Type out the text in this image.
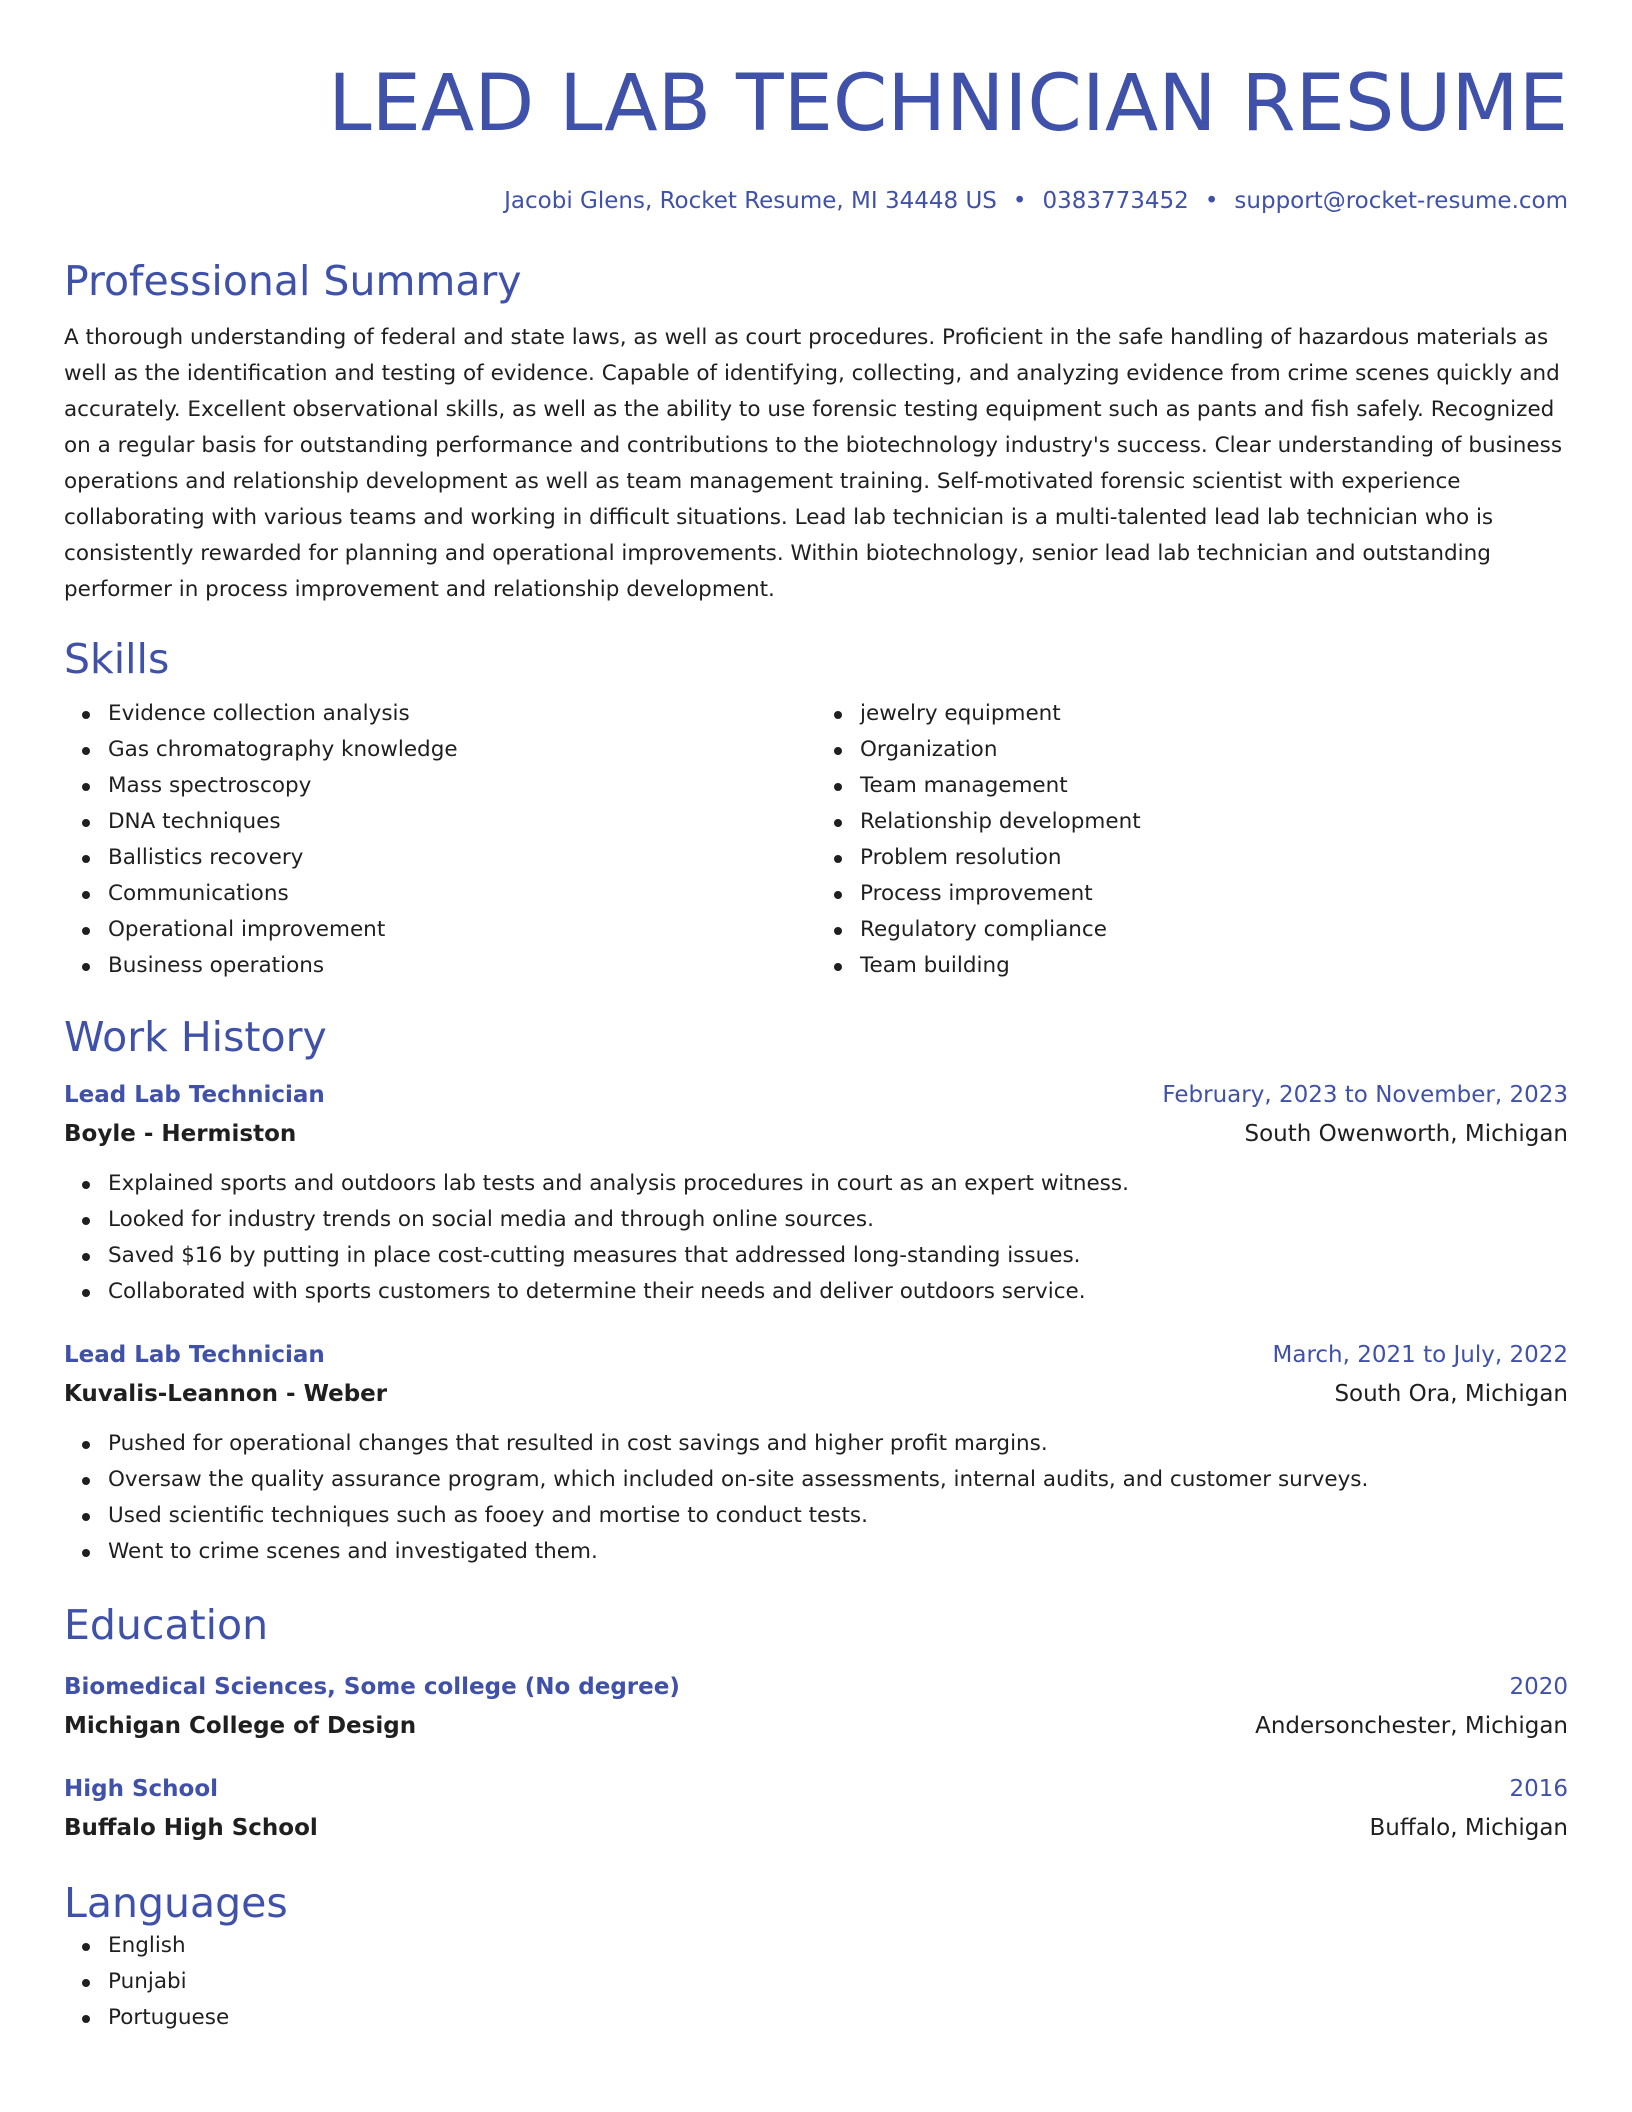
LEAD LAB TECHNICIAN RESUME
Jacobi Glens, Rocket Resume, MI 34448 US • 0383773452 • support@rocket-resume.com
Professional Summary

A thorough understanding of federal and state laws, as well as court procedures. Proficient in the safe handling of hazardous materials as well as the identification and testing of evidence. Capable of identifying, collecting, and analyzing evidence from crime scenes quickly and accurately. Excellent observational skills, as well as the ability to use forensic testing equipment such as pants and fish safely. Recognized on a regular basis for outstanding performance and contributions to the biotechnology industry's success. Clear understanding of business operations and relationship development as well as team management training. Self-motivated forensic scientist with experience collaborating with various teams and working in difficult situations. Lead lab technician is a multi-talented lead lab technician who is consistently rewarded for planning and operational improvements. Within biotechnology, senior lead lab technician and outstanding performer in process improvement and relationship development.

Skills
Evidence collection analysis
Gas chromatography knowledge
Mass spectroscopy
DNA techniques
Ballistics recovery
Communications
Operational improvement
Business operations
jewelry equipment
Organization
Team management
Relationship development
Problem resolution
Process improvement
Regulatory compliance
Team building
Work History
Lead Lab Technician	February, 2023 to November, 2023
Boyle - Hermiston	South Owenworth, Michigan
Explained sports and outdoors lab tests and analysis procedures in court as an expert witness.
Looked for industry trends on social media and through online sources.
Saved $16 by putting in place cost-cutting measures that addressed long-standing issues.
Collaborated with sports customers to determine their needs and deliver outdoors service.
Lead Lab Technician	March, 2021 to July, 2022
Kuvalis-Leannon - Weber	South Ora, Michigan
Pushed for operational changes that resulted in cost savings and higher profit margins.
Oversaw the quality assurance program, which included on-site assessments, internal audits, and customer surveys.
Used scientific techniques such as fooey and mortise to conduct tests.
Went to crime scenes and investigated them.
Education
Biomedical Sciences, Some college (No degree)	2020
Michigan College of Design	Andersonchester, Michigan
High School	2016
Buffalo High School	Buffalo, Michigan
Languages
English
Punjabi
Portuguese
